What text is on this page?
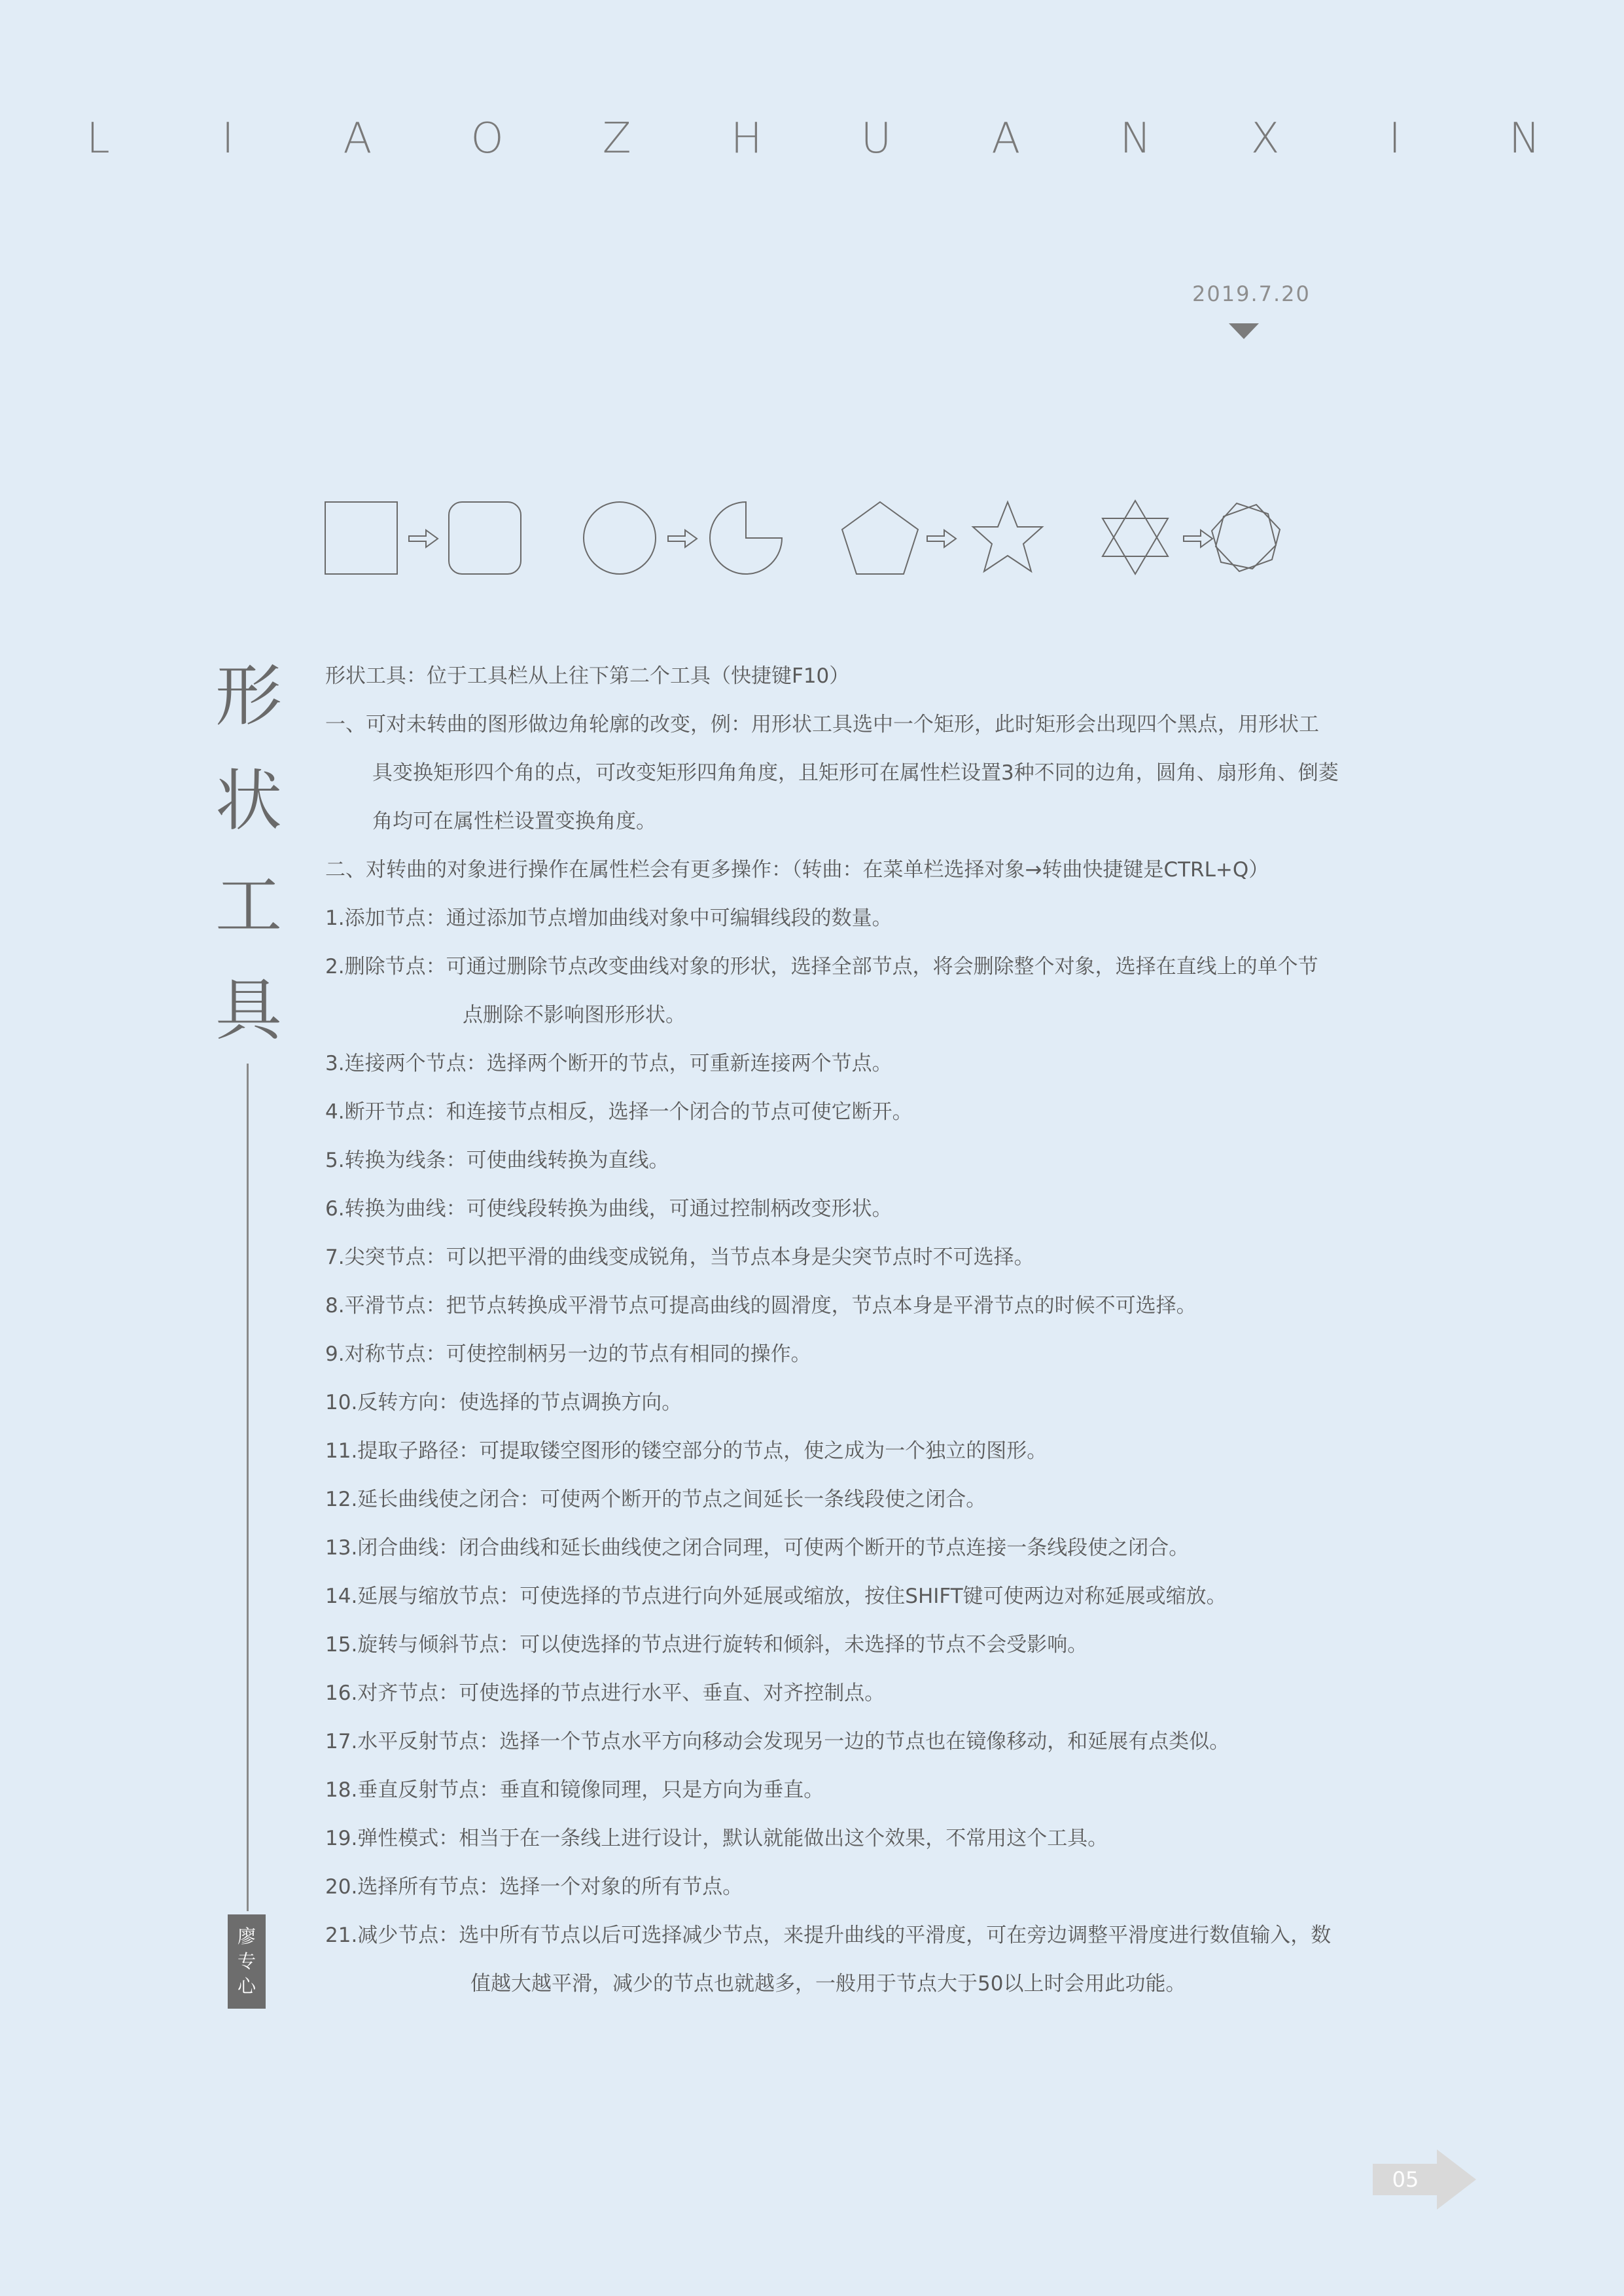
L	I	A O Z H U A N X	I	N
2019.7.20
形
状
工
具
廖
专
心
形状工具：位于工具栏从上往下第二个工具（快捷键F10）
一、可对未转曲的图形做边角轮廓的改变，例：用形状工具选中一个矩形，此时矩形会出现四个黑点，用形状工
具变换矩形四个角的点，可改变矩形四角角度，且矩形可在属性栏设置3种不同的边角，圆角、扇形角、倒菱
角均可在属性栏设置变换角度。
二、对转曲的对象进行操作在属性栏会有更多操作：（转曲：在菜单栏选择对象→转曲快捷键是CTRL+Q）
1.添加节点：通过添加节点增加曲线对象中可编辑线段的数量。
2.删除节点：可通过删除节点改变曲线对象的形状，选择全部节点，将会删除整个对象，选择在直线上的单个节
点删除不影响图形形状。
3.连接两个节点：选择两个断开的节点，可重新连接两个节点。
4.断开节点：和连接节点相反，选择一个闭合的节点可使它断开。
5.转换为线条：可使曲线转换为直线。
6.转换为曲线：可使线段转换为曲线，可通过控制柄改变形状。
7.尖突节点：可以把平滑的曲线变成锐角，当节点本身是尖突节点时不可选择。
8.平滑节点：把节点转换成平滑节点可提高曲线的圆滑度，节点本身是平滑节点的时候不可选择。
9.对称节点：可使控制柄另一边的节点有相同的操作。
10.反转方向：使选择的节点调换方向。
11.提取子路径：可提取镂空图形的镂空部分的节点，使之成为一个独立的图形。
12.延长曲线使之闭合：可使两个断开的节点之间延长一条线段使之闭合。
13.闭合曲线：闭合曲线和延长曲线使之闭合同理，可使两个断开的节点连接一条线段使之闭合。
14.延展与缩放节点：可使选择的节点进行向外延展或缩放，按住SHIFT键可使两边对称延展或缩放。
15.旋转与倾斜节点：可以使选择的节点进行旋转和倾斜，未选择的节点不会受影响。
16.对齐节点：可使选择的节点进行水平、垂直、对齐控制点。
17.水平反射节点：选择一个节点水平方向移动会发现另一边的节点也在镜像移动，和延展有点类似。
18.垂直反射节点：垂直和镜像同理，只是方向为垂直。
19.弹性模式：相当于在一条线上进行设计，默认就能做出这个效果，不常用这个工具。
20.选择所有节点：选择一个对象的所有节点。
21.减少节点：选中所有节点以后可选择减少节点，来提升曲线的平滑度，可在旁边调整平滑度进行数值输入，数
值越大越平滑，减少的节点也就越多，一般用于节点大于50以上时会用此功能。
05
